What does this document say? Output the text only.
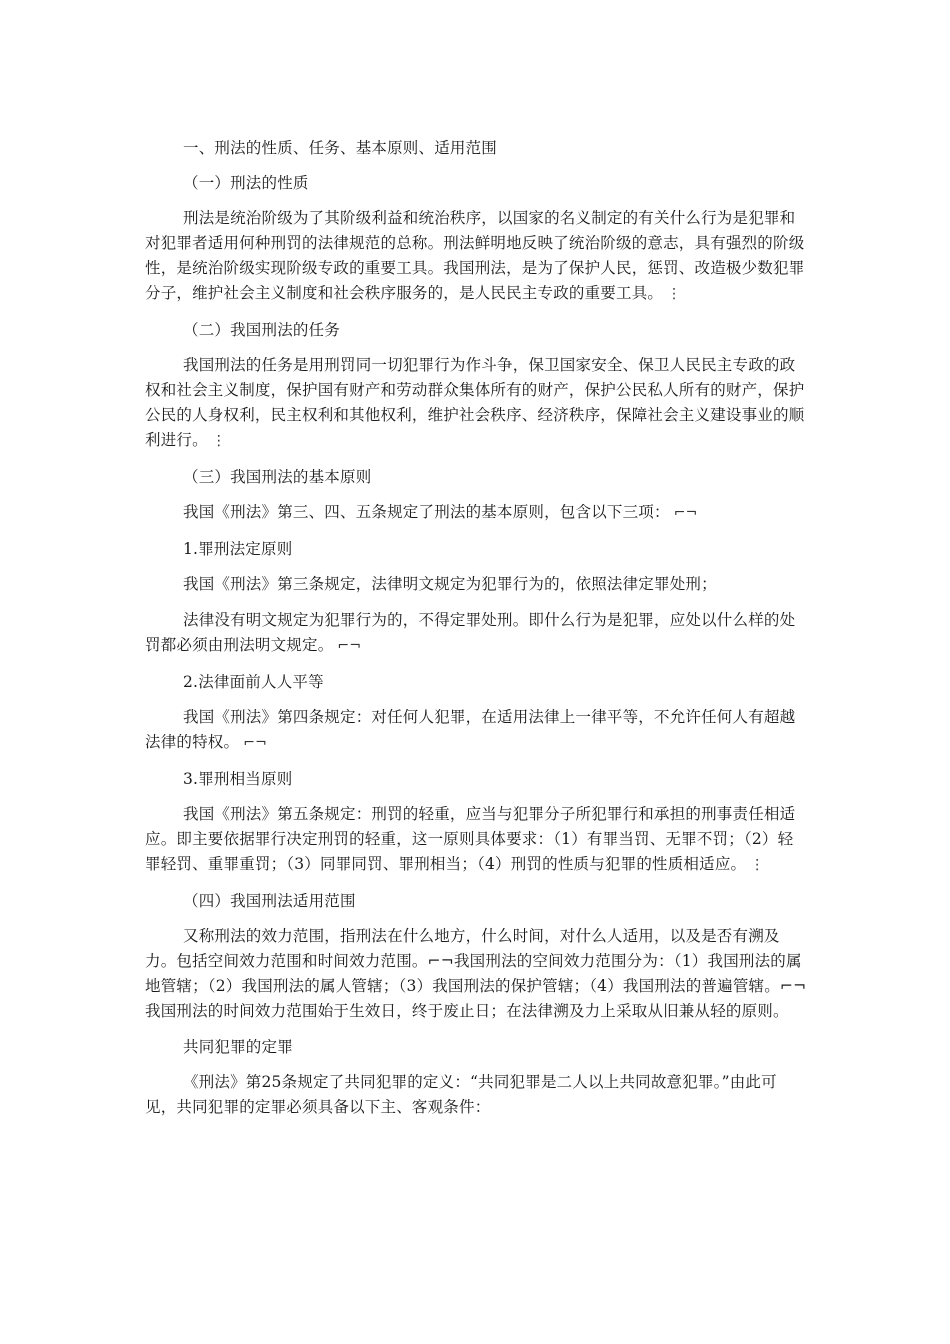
一、刑法的性质、任务、基本原则、适用范围

（一）刑法的性质

刑法是统治阶级为了其阶级利益和统治秩序，以国家的名义制定的有关什么行为是犯罪和对犯罪者适用何种刑罚的法律规范的总称。刑法鲜明地反映了统治阶级的意志，具有强烈的阶级性，是统治阶级实现阶级专政的重要工具。我国刑法，是为了保护人民，惩罚、改造极少数犯罪分子，维护社会主义制度和社会秩序服务的，是人民民主专政的重要工具。 ⋮

（二）我国刑法的任务

我国刑法的任务是用刑罚同一切犯罪行为作斗争，保卫国家安全、保卫人民民主专政的政权和社会主义制度，保护国有财产和劳动群众集体所有的财产，保护公民私人所有的财产，保护公民的人身权利，民主权利和其他权利，维护社会秩序、经济秩序，保障社会主义建设事业的顺利进行。 ⋮

（三）我国刑法的基本原则

我国《刑法》第三、四、五条规定了刑法的基本原则，包含以下三项： ⌐¬

1.罪刑法定原则

我国《刑法》第三条规定，法律明文规定为犯罪行为的，依照法律定罪处刑；

法律没有明文规定为犯罪行为的，不得定罪处刑。即什么行为是犯罪，应处以什么样的处罚都必须由刑法明文规定。 ⌐¬

2.法律面前人人平等

我国《刑法》第四条规定：对任何人犯罪，在适用法律上一律平等，不允许任何人有超越法律的特权。 ⌐¬

3.罪刑相当原则

我国《刑法》第五条规定：刑罚的轻重，应当与犯罪分子所犯罪行和承担的刑事责任相适应。即主要依据罪行决定刑罚的轻重，这一原则具体要求：（1）有罪当罚、无罪不罚；（2）轻罪轻罚、重罪重罚；（3）同罪同罚、罪刑相当；（4）刑罚的性质与犯罪的性质相适应。 ⋮

（四）我国刑法适用范围

又称刑法的效力范围，指刑法在什么地方，什么时间，对什么人适用，以及是否有溯及力。包括空间效力范围和时间效力范围。⌐¬我国刑法的空间效力范围分为：（1）我国刑法的属地管辖；（2）我国刑法的属人管辖；（3）我国刑法的保护管辖；（4）我国刑法的普遍管辖。⌐¬我国刑法的时间效力范围始于生效日，终于废止日；在法律溯及力上采取从旧兼从轻的原则。

共同犯罪的定罪

《刑法》第25条规定了共同犯罪的定义：“共同犯罪是二人以上共同故意犯罪。”由此可见，共同犯罪的定罪必须具备以下主、客观条件：
